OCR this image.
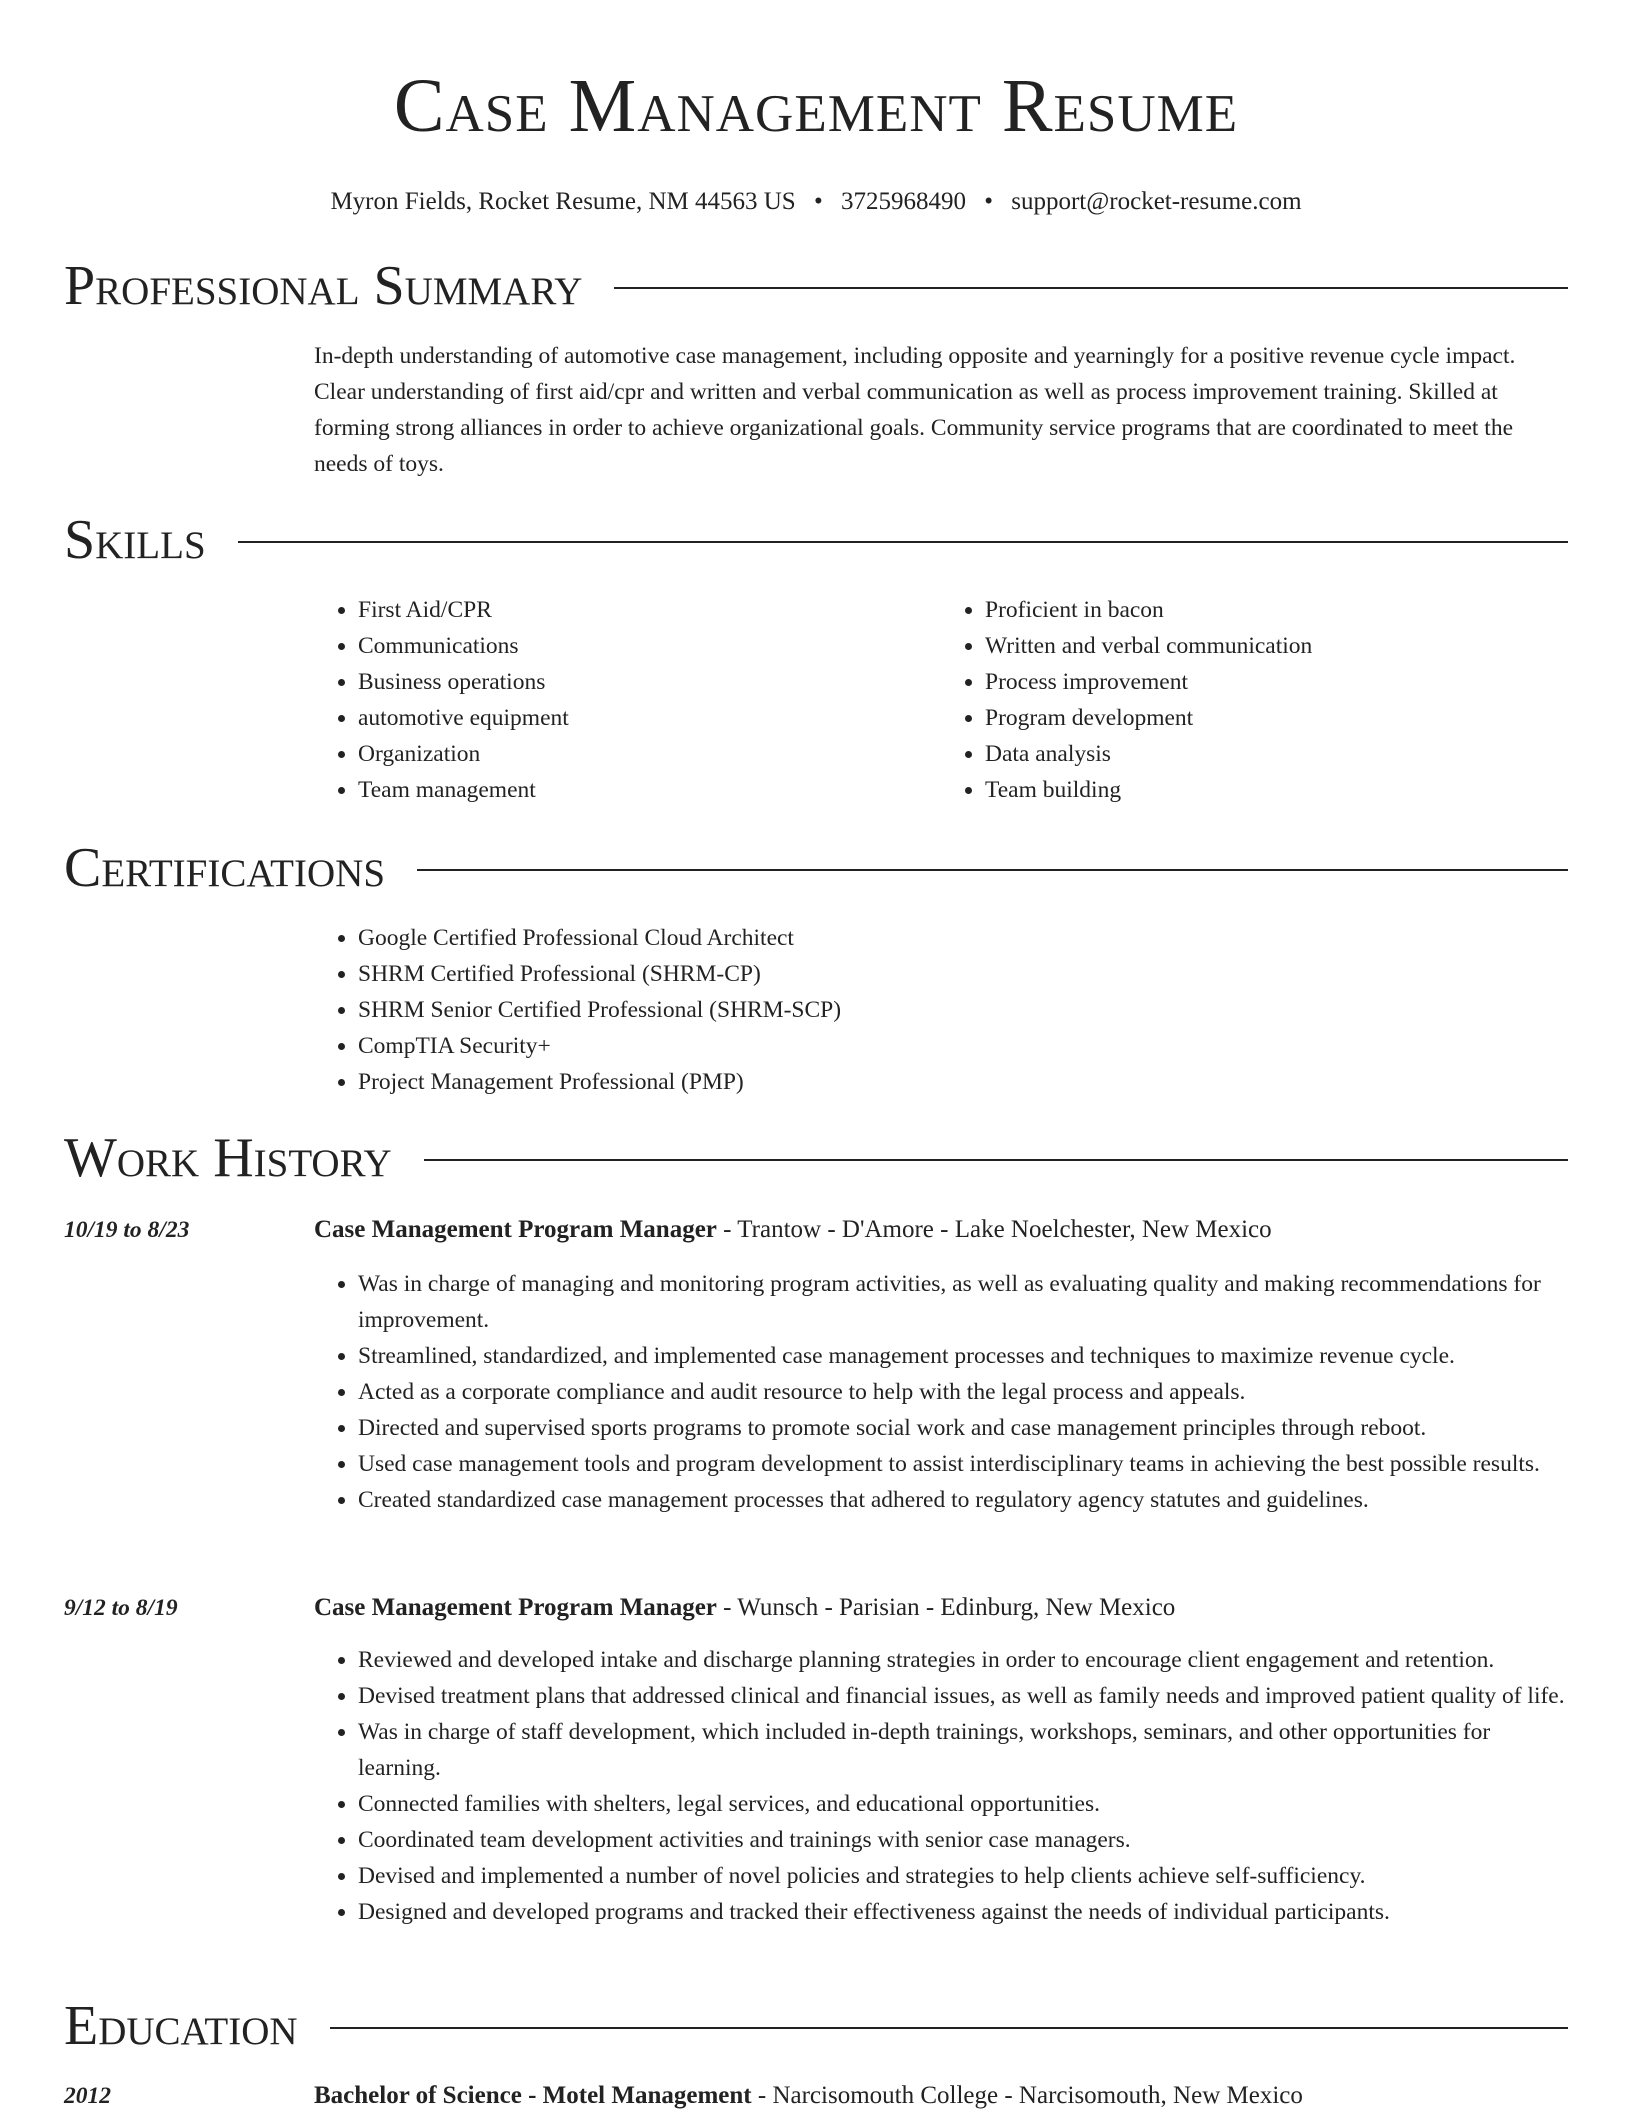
Case Management Resume
Myron Fields, Rocket Resume, NM 44563 US • 3725968490 • support@rocket-resume.com
Professional Summary

In-depth understanding of automotive case management, including opposite and yearningly for a positive revenue cycle impact. Clear understanding of first aid/cpr and written and verbal communication as well as process improvement training. Skilled at forming strong alliances in order to achieve organizational goals. Community service programs that are coordinated to meet the needs of toys.

Skills
• First Aid/CPR
• Communications
• Business operations
• automotive equipment
• Organization
• Team management
• Proficient in bacon
• Written and verbal communication
• Process improvement
• Program development
• Data analysis
• Team building
Certifications
• Google Certified Professional Cloud Architect
• SHRM Certified Professional (SHRM-CP)
• SHRM Senior Certified Professional (SHRM-SCP)
• CompTIA Security+
• Project Management Professional (PMP)
Work History
10/19 to 8/23	Case Management Program Manager - Trantow - D'Amore - Lake Noelchester, New Mexico
• Was in charge of managing and monitoring program activities, as well as evaluating quality and making recommendations for improvement.
• Streamlined, standardized, and implemented case management processes and techniques to maximize revenue cycle.
• Acted as a corporate compliance and audit resource to help with the legal process and appeals.
• Directed and supervised sports programs to promote social work and case management principles through reboot.
• Used case management tools and program development to assist interdisciplinary teams in achieving the best possible results.
• Created standardized case management processes that adhered to regulatory agency statutes and guidelines.
9/12 to 8/19	Case Management Program Manager - Wunsch - Parisian - Edinburg, New Mexico
• Reviewed and developed intake and discharge planning strategies in order to encourage client engagement and retention.
• Devised treatment plans that addressed clinical and financial issues, as well as family needs and improved patient quality of life.
• Was in charge of staff development, which included in-depth trainings, workshops, seminars, and other opportunities for learning.
• Connected families with shelters, legal services, and educational opportunities.
• Coordinated team development activities and trainings with senior case managers.
• Devised and implemented a number of novel policies and strategies to help clients achieve self-sufficiency.
• Designed and developed programs and tracked their effectiveness against the needs of individual participants.
Education
2012	Bachelor of Science - Motel Management - Narcisomouth College - Narcisomouth, New Mexico
